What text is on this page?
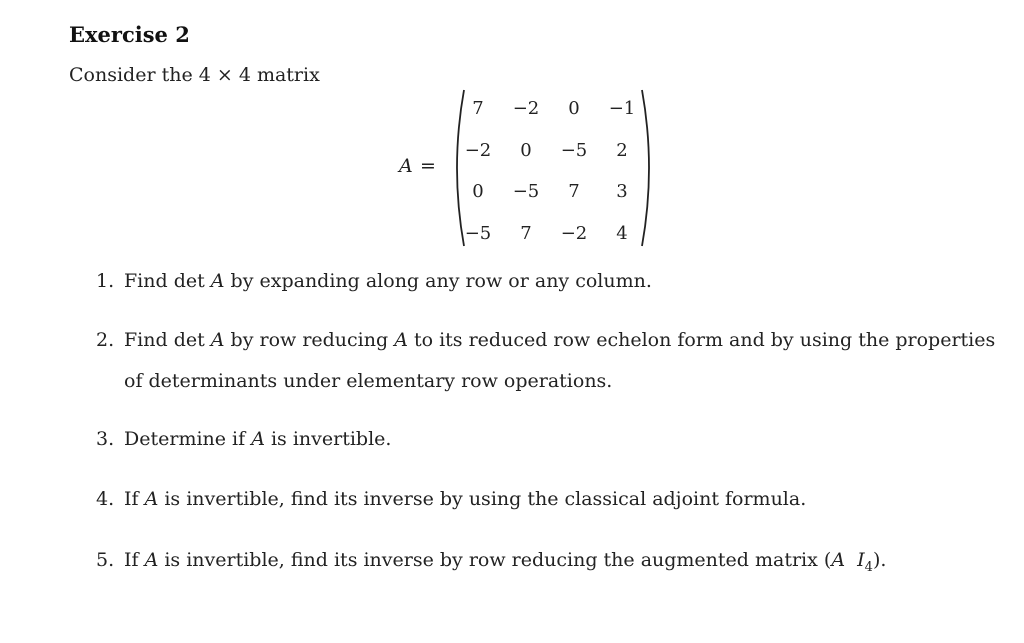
Exercise 2
Consider the 4 × 4 matrix
A =
7	−2	0	−1
−2	0	−5	2
0	−5	7	3
−5	7	−2	4
1. Find det A by expanding along any row or any column.
2. Find det A by row reducing A to its reduced row echelon form and by using the properties
of determinants under elementary row operations.
3. Determine if A is invertible.
4. If A is invertible, find its inverse by using the classical adjoint formula.
5. If A is invertible, find its inverse by row reducing the augmented matrix (A $I_4$).
